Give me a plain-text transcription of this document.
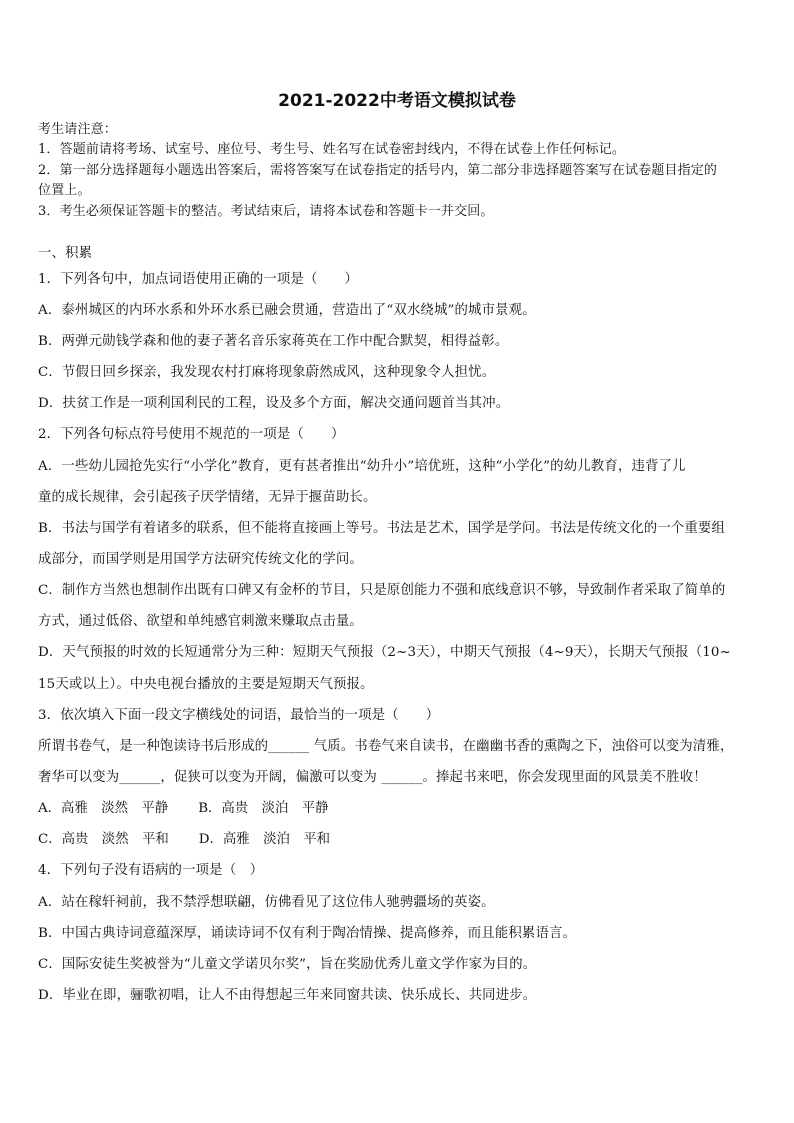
2021-2022中考语文模拟试卷
考生请注意：
1．答题前请将考场、试室号、座位号、考生号、姓名写在试卷密封线内，不得在试卷上作任何标记。
2．第一部分选择题每小题选出答案后，需将答案写在试卷指定的括号内，第二部分非选择题答案写在试卷题目指定的
位置上。
3．考生必须保证答题卡的整洁。考试结束后，请将本试卷和答题卡一并交回。
一、积累
1．下列各句中，加点词语使用正确的一项是（　　）
A．泰州城区的内环水系和外环水系已融会贯通，营造出了“双水绕城”的城市景观。
B．两弹元勋钱学森和他的妻子著名音乐家蒋英在工作中配合默契，相得益彰。
C．节假日回乡探亲，我发现农村打麻将现象蔚然成风，这种现象令人担忧。
D．扶贫工作是一项利国利民的工程，设及多个方面，解决交通问题首当其冲。
2．下列各句标点符号使用不规范的一项是（　　）
A．一些幼儿园抢先实行“小学化”教育，更有甚者推出“幼升小”培优班，这种“小学化”的幼儿教育，违背了儿
童的成长规律，会引起孩子厌学情绪，无异于揠苗助长。
B．书法与国学有着诸多的联系，但不能将直接画上等号。书法是艺术，国学是学问。书法是传统文化的一个重要组
成部分，而国学则是用国学方法研究传统文化的学问。
C．制作方当然也想制作出既有口碑又有金杯的节目，只是原创能力不强和底线意识不够，导致制作者采取了简单的
方式，通过低俗、欲望和单纯感官刺激来赚取点击量。
D．天气预报的时效的长短通常分为三种：短期天气预报（2~3天），中期天气预报（4~9天），长期天气预报（10~
15天或以上）。中央电视台播放的主要是短期天气预报。
3．依次填入下面一段文字横线处的词语，最恰当的一项是（　　）
所谓书卷气，是一种饱读诗书后形成的______ 气质。书卷气来自读书，在幽幽书香的熏陶之下，浊俗可以变为清雅，
奢华可以变为______，促狭可以变为开阔，偏激可以变为 ______。捧起书来吧，你会发现里面的风景美不胜收！
A．高雅　淡然　平静 B．高贵　淡泊　平静
C．高贵　淡然　平和 D．高雅　淡泊　平和
4．下列句子没有语病的一项是（　）
A．站在稼轩祠前，我不禁浮想联翩，仿佛看见了这位伟人驰骋疆场的英姿。
B．中国古典诗词意蕴深厚，诵读诗词不仅有利于陶冶情操、提高修养，而且能积累语言。
C．国际安徒生奖被誉为“儿童文学诺贝尔奖”，旨在奖励优秀儿童文学作家为目的。
D．毕业在即，骊歌初唱，让人不由得想起三年来同窗共读、快乐成长、共同进步。
